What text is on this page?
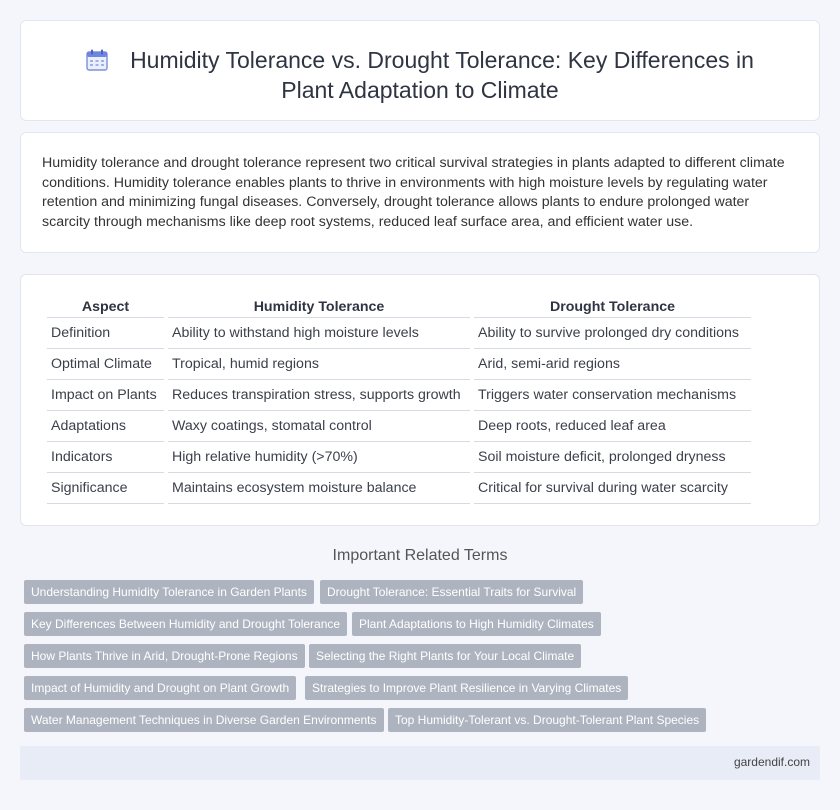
Humidity Tolerance vs. Drought Tolerance: Key Differences in Plant Adaptation to Climate

Humidity tolerance and drought tolerance represent two critical survival strategies in plants adapted to different climate conditions. Humidity tolerance enables plants to thrive in environments with high moisture levels by regulating water retention and minimizing fungal diseases. Conversely, drought tolerance allows plants to endure prolonged water scarcity through mechanisms like deep root systems, reduced leaf surface area, and efficient water use.

Aspect	Humidity Tolerance	Drought Tolerance
Definition	Ability to withstand high moisture levels	Ability to survive prolonged dry conditions
Optimal Climate	Tropical, humid regions	Arid, semi-arid regions
Impact on Plants	Reduces transpiration stress, supports growth	Triggers water conservation mechanisms
Adaptations	Waxy coatings, stomatal control	Deep roots, reduced leaf area
Indicators	High relative humidity (>70%)	Soil moisture deficit, prolonged dryness
Significance	Maintains ecosystem moisture balance	Critical for survival during water scarcity
Important Related Terms
Understanding Humidity Tolerance in Garden Plants	Drought Tolerance: Essential Traits for Survival
Key Differences Between Humidity and Drought Tolerance	Plant Adaptations to High Humidity Climates
How Plants Thrive in Arid, Drought-Prone Regions	Selecting the Right Plants for Your Local Climate
Impact of Humidity and Drought on Plant Growth	Strategies to Improve Plant Resilience in Varying Climates
Water Management Techniques in Diverse Garden Environments	Top Humidity-Tolerant vs. Drought-Tolerant Plant Species
gardendif.com
